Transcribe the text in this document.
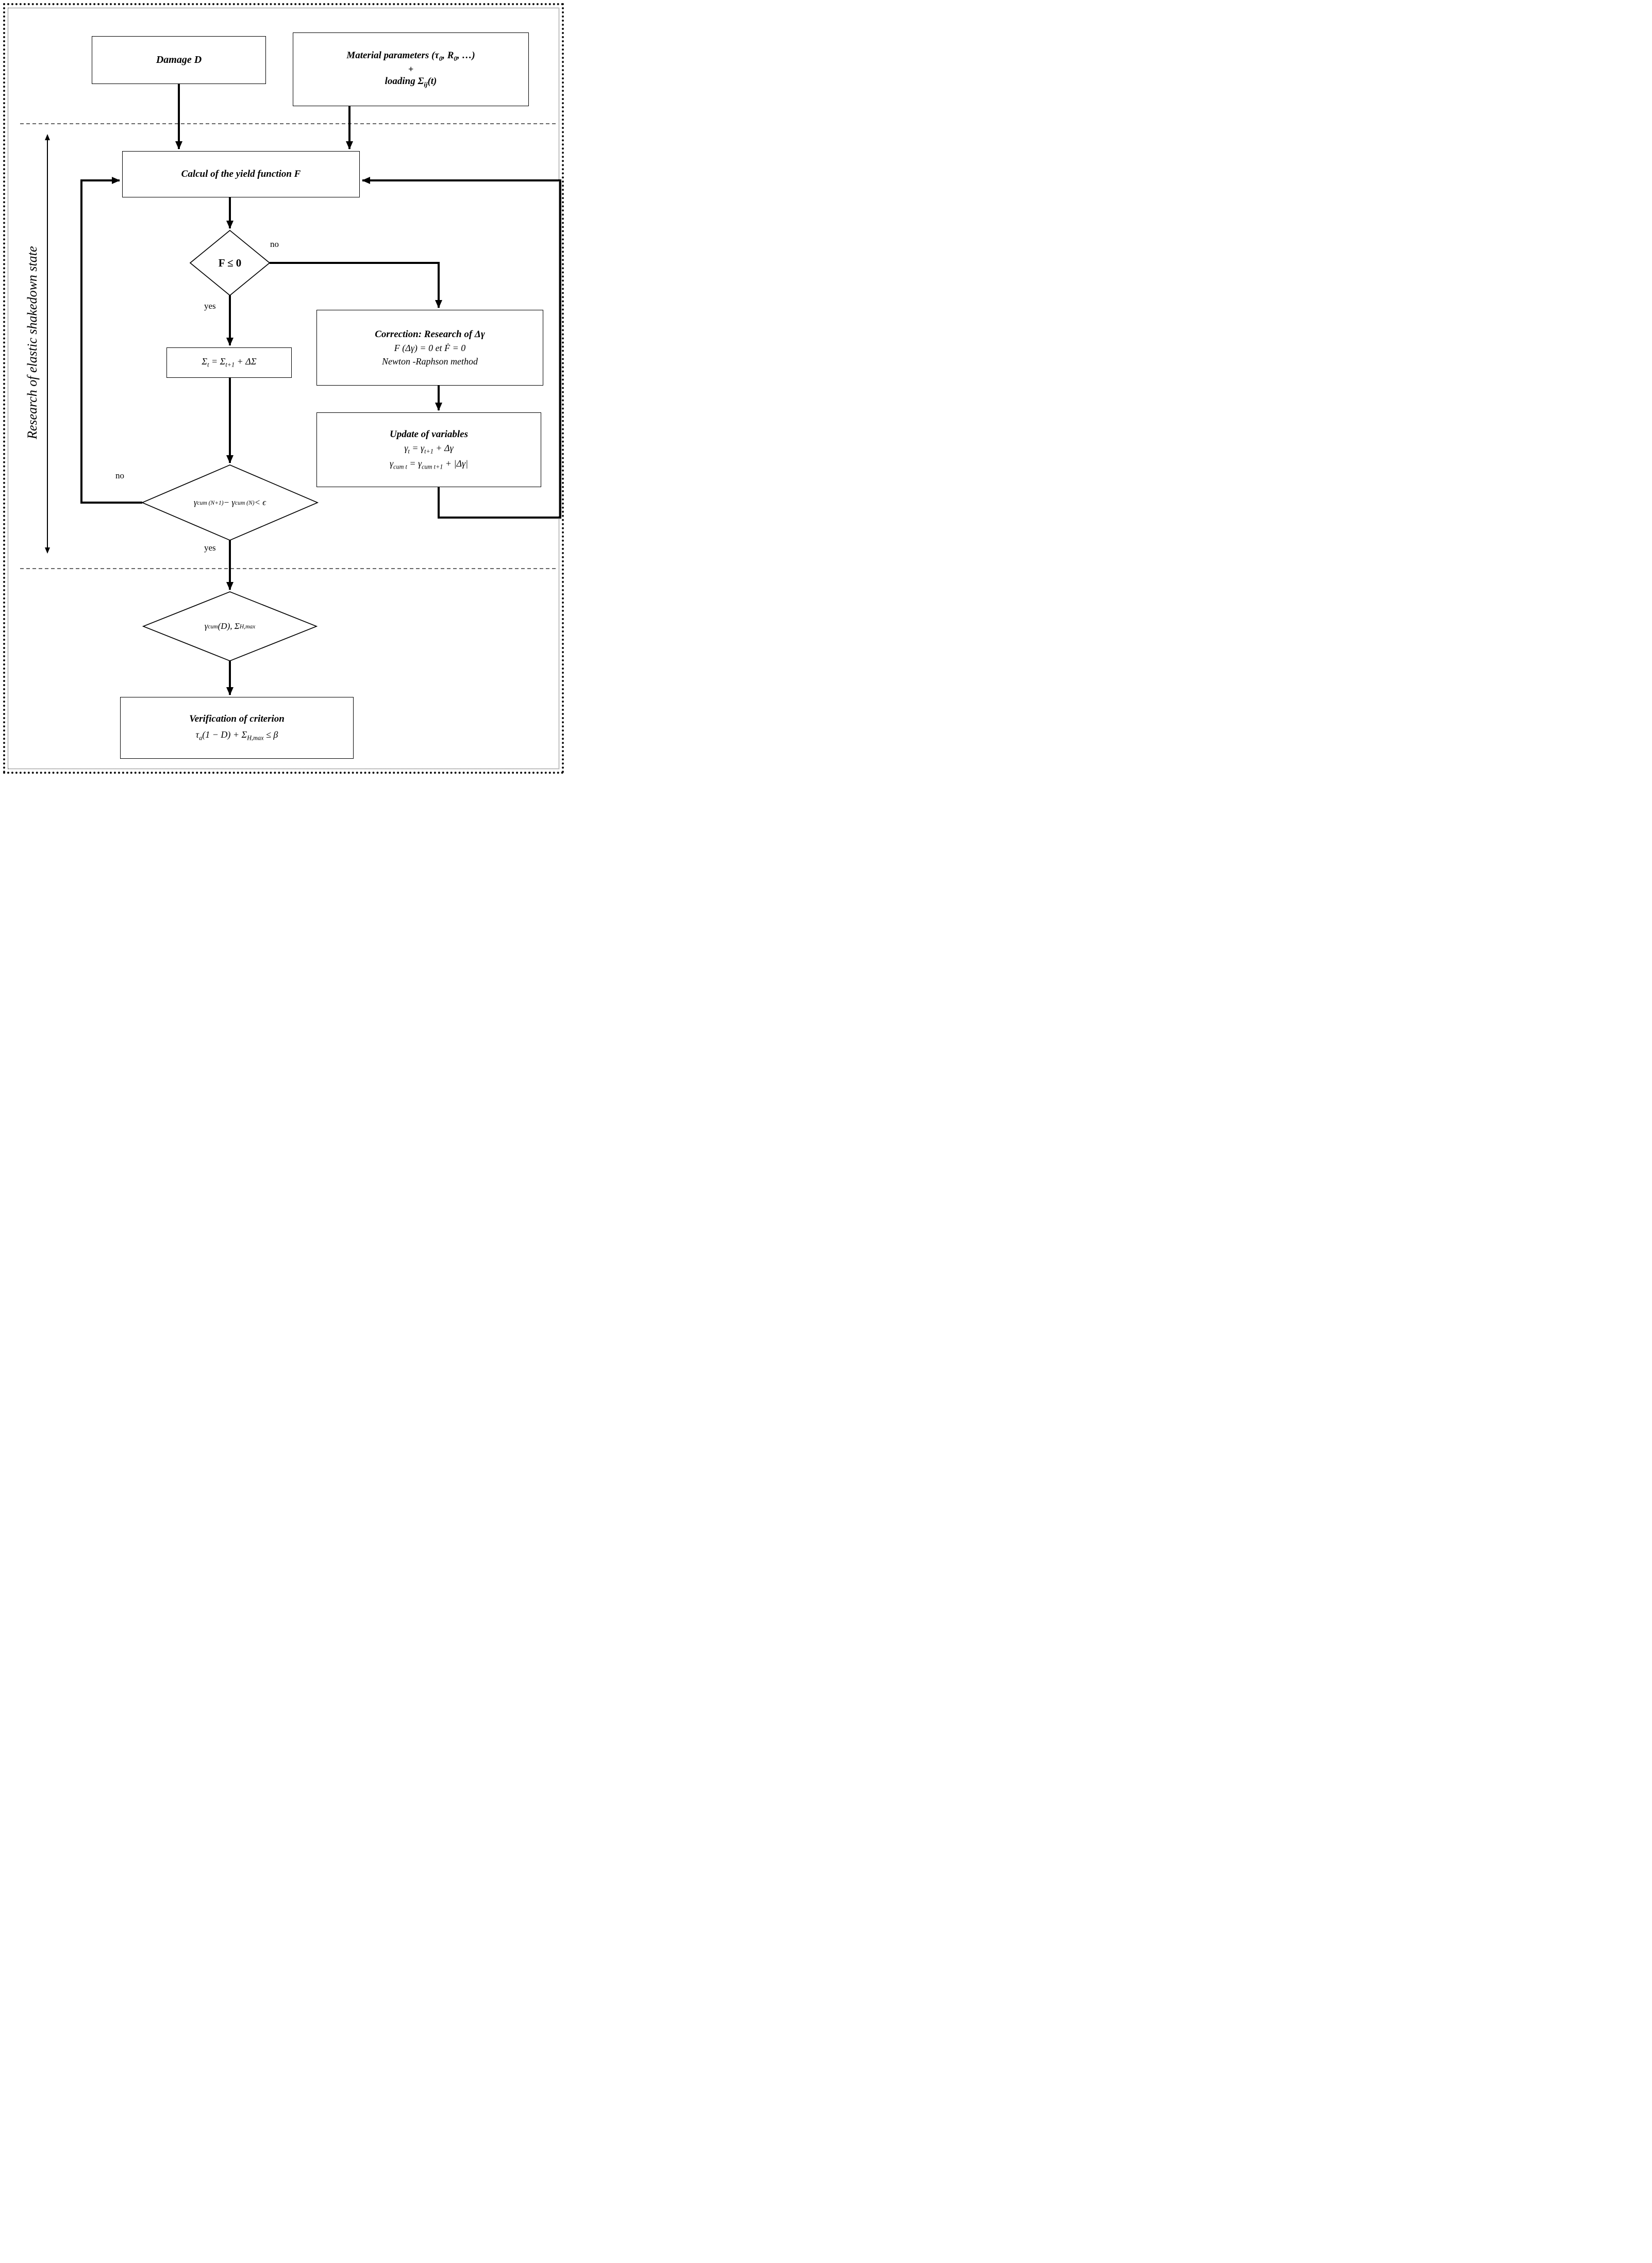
Damage D	Material parameters ($\tau_0$, $R_0$, …)
+
loading $\Sigma_{ij}(t)$
Calcul of the yield function F
$\Sigma_t = \Sigma_{t+1} + \Delta\Sigma$
Correction: Research of Δγ
F (Δγ) = 0 et Ḟ = 0
Newton -Raphson method
Update of variables
$\gamma_t = \gamma_{t+1} + \Delta\gamma$
$\gamma_{cum t} = \gamma_{cum t+1} + |\Delta\gamma|$
Verification of criterion
$\tau_a(1 - D) + \Sigma_{H,max} \le \beta$
F ≤ 0
γ cum (N+1) − γ cum (N) < ϵ
γ cum (D), Σ H,max
no
yes
no
yes
Research of elastic shakedown state
